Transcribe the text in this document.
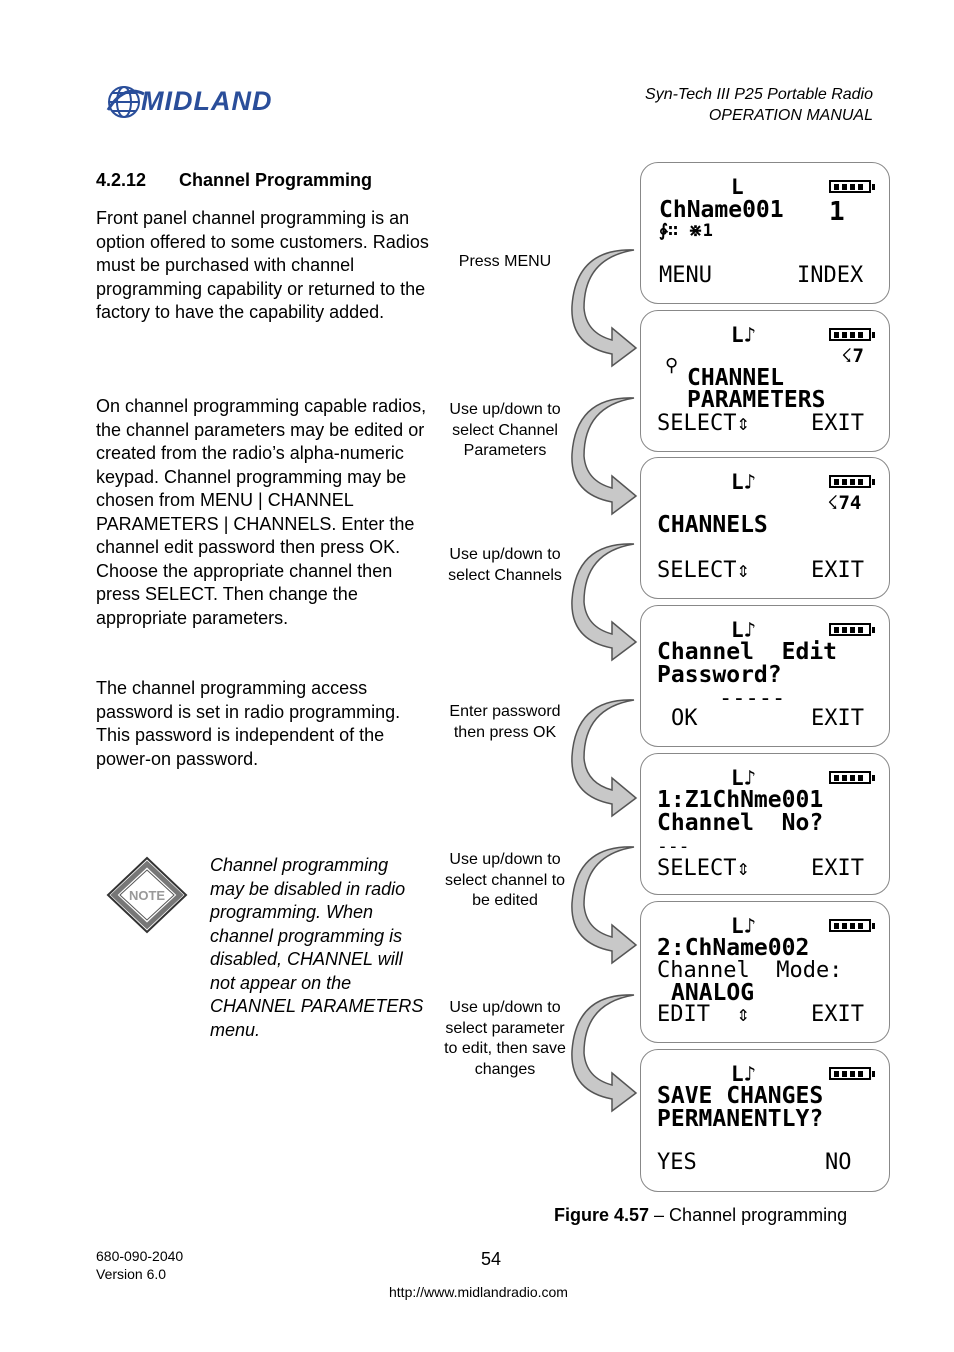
MIDLAND	Syn-Tech III P25 Portable Radio
OPERATION MANUAL
4.2.12 Channel Programming
Front panel channel programming is an option offered to some customers. Radios must be purchased with channel programming capability or returned to the factory to have the capability added.
On channel programming capable radios, the channel parameters may be edited or created from the radio’s alpha-numeric keypad. Channel programming may be chosen from MENU | CHANNEL PARAMETERS | CHANNELS. Enter the channel edit password then press OK. Choose the appropriate channel then press SELECT. Then change the appropriate parameters.
The channel programming access password is set in radio programming. This password is independent of the power-on password.
NOTE
Channel programming may be disabled in radio programming. When channel programming is disabled, CHANNEL will not appear on the CHANNEL PARAMETERS menu.
Press MENU
Use up/down to select Channel Parameters
Use up/down to select Channels
Enter password then press OK
Use up/down to select channel to be edited
Use up/down to select parameter to edit, then save changes
L
ChName001 1
∳∷ ⋇1
MENU	INDEX
L♪
☇7
⚲ CHANNEL
PARAMETERS
SELECT⇕	EXIT
L♪
☇74
CHANNELS
SELECT⇕	EXIT
L♪
Channel  Edit
Password?
-----
OK	EXIT
L♪
1:Z1ChNme001
Channel  No?
---
SELECT⇕	EXIT
L♪
2:ChName002
Channel  Mode:
ANALOG
EDIT  ⇕	EXIT
L♪
SAVE CHANGES
PERMANENTLY?
YES	NO
Figure 4.57 – Channel programming
680-090-2040
Version 6.0
54
http://www.midlandradio.com
